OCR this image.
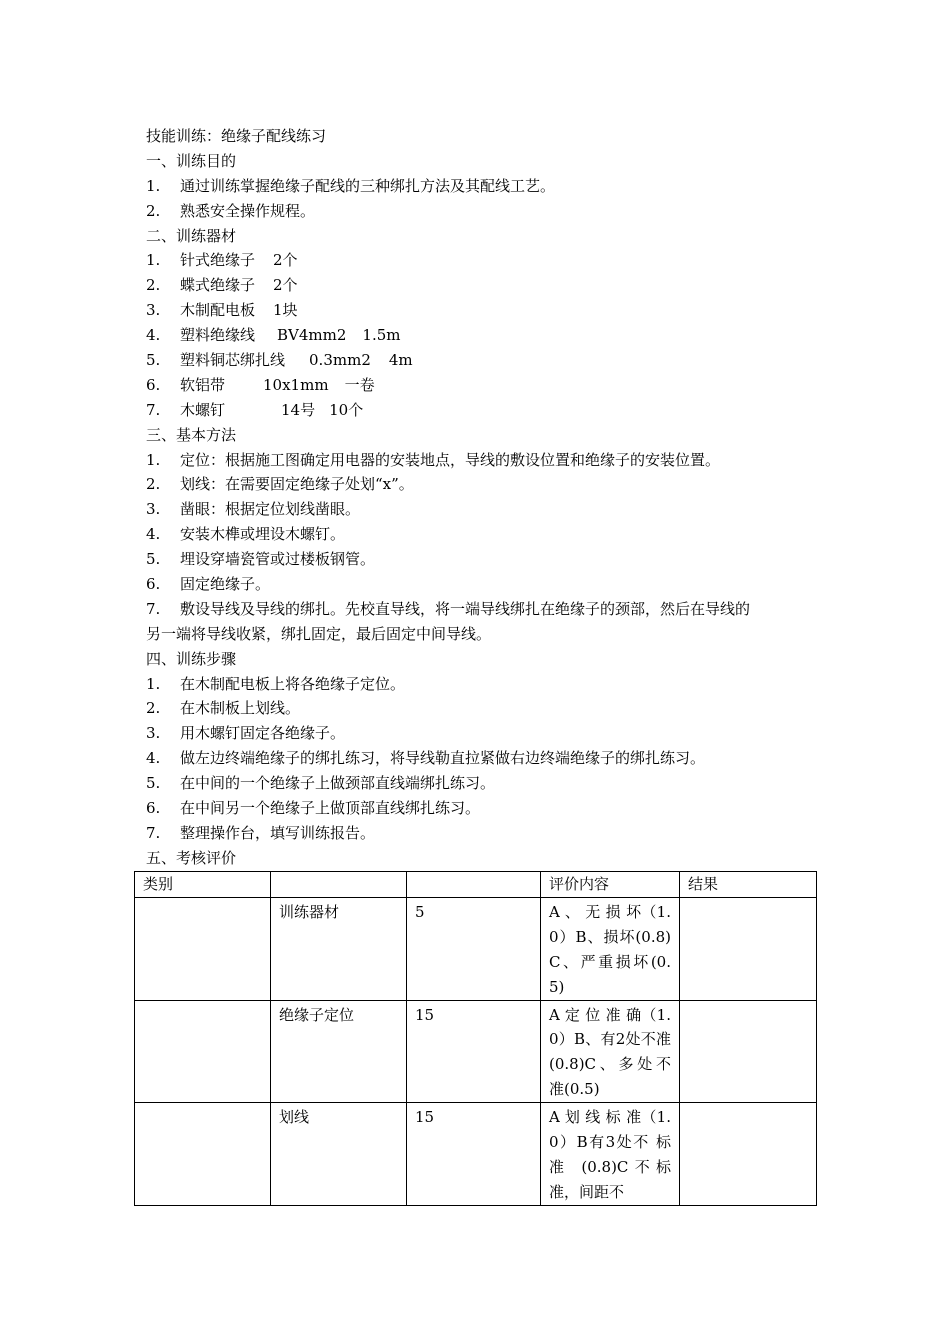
技能训练：绝缘子配线练习
一、训练目的
1. 通过训练掌握绝缘子配线的三种绑扎方法及其配线工艺。
2. 熟悉安全操作规程。
二、训练器材
1. 针式绝缘子 2个
2. 蝶式绝缘子 2个
3. 木制配电板 1块
4. 塑料绝缘线 BV4mm2 1.5m
5. 塑料铜芯绑扎线 0.3mm2 4m
6. 软铝带	10x1mm 一卷
7. 木螺钉	14号 10个
三、基本方法
1. 定位：根据施工图确定用电器的安装地点，导线的敷设位置和绝缘子的安装位置。
2. 划线：在需要固定绝缘子处划“x”。
3. 凿眼：根据定位划线凿眼。
4. 安装木榫或埋设木螺钉。
5. 埋设穿墙瓷管或过楼板钢管。
6. 固定绝缘子。
7. 敷设导线及导线的绑扎。先校直导线，将一端导线绑扎在绝缘子的颈部，然后在导线的
另一端将导线收紧，绑扎固定，最后固定中间导线。
四、训练步骤
1. 在木制配电板上将各绝缘子定位。
2. 在木制板上划线。
3. 用木螺钉固定各绝缘子。
4. 做左边终端绝缘子的绑扎练习，将导线勒直拉紧做右边终端绝缘子的绑扎练习。
5. 在中间的一个绝缘子上做颈部直线端绑扎练习。
6. 在中间另一个绝缘子上做顶部直线绑扎练习。
7. 整理操作台，填写训练报告。
五、考核评价
类别			评价内容	结果
	训练器材	5	A 、 无 损 坏（1.0）B、损坏(0.8)C、严重损坏(0.5)	
	绝缘子定位	15	A 定 位 准 确（1.0）B、有2处不准(0.8)C、多处不准(0.5)	
	划线	15	A 划 线 标 准（1.0）B有3处不 标 准 (0.8)C不标准，间距不	
